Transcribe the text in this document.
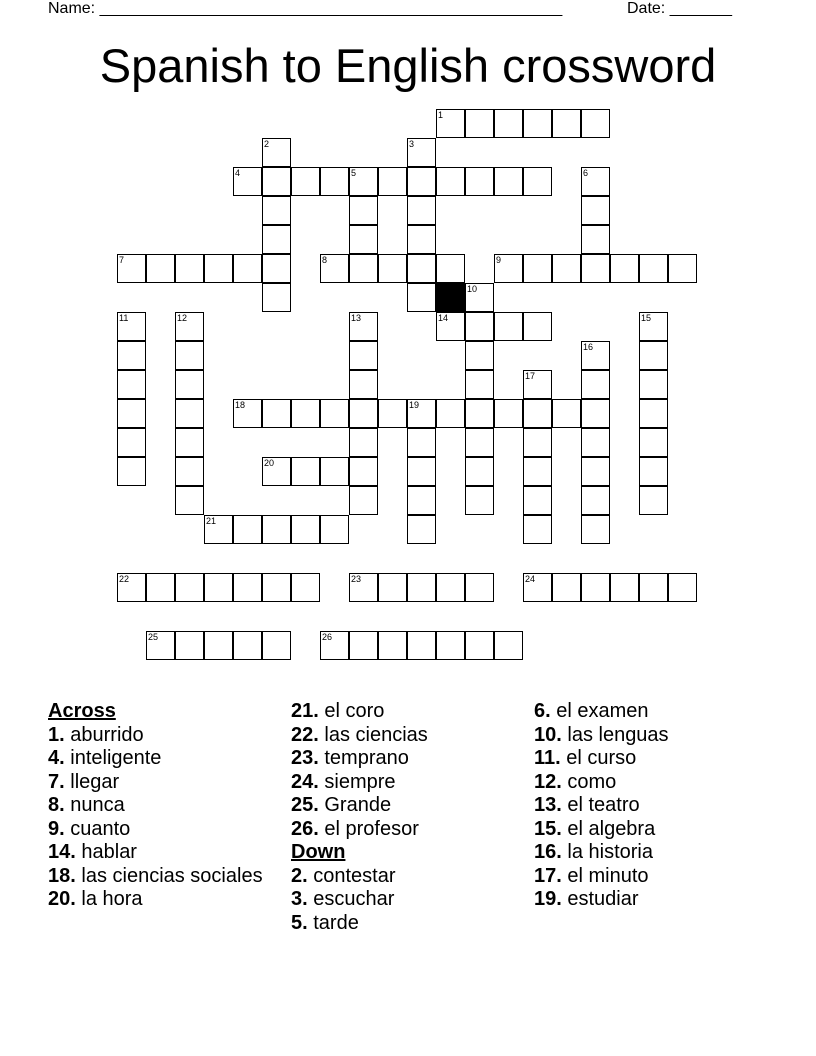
Name: ____________________________________________________	Date: _______
Spanish to English crossword
1
2	3
4	5	6
7	8	9
10
11	12	13	14	15
16
17
18	19
20
21
22	23	24
25	26
Across
1. aburrido
4. inteligente
7. llegar
8. nunca
9. cuanto
14. hablar
18. las ciencias sociales
20. la hora
21. el coro
22. las ciencias
23. temprano
24. siempre
25. Grande
26. el profesor
Down
2. contestar
3. escuchar
5. tarde
6. el examen
10. las lenguas
11. el curso
12. como
13. el teatro
15. el algebra
16. la historia
17. el minuto
19. estudiar
